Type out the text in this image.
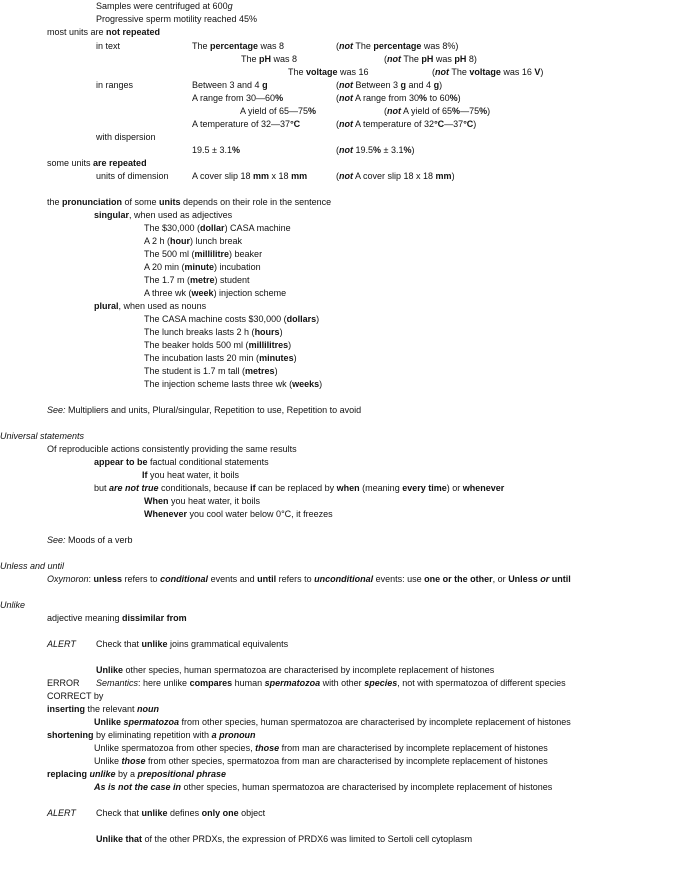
Samples were centrifuged at 600g
Progressive sperm motility reached 45%
most units are not repeated
in text	The percentage was 8	(not The percentage was 8%)
The pH was 8	(not The pH was pH 8)
The voltage was 16	(not The voltage was 16 V)
in ranges	Between 3 and 4 g	(not Between 3 g and 4 g)
A range from 30—60%	(not A range from 30% to 60%)
A yield of 65—75%	(not A yield of 65%—75%)
A temperature of 32—37°C	(not A temperature of 32°C—37°C)
with dispersion
19.5 ± 3.1%	(not 19.5% ± 3.1%)
some units are repeated
units of dimension	A cover slip 18 mm x 18 mm	(not A cover slip 18 x 18 mm)
the pronunciation of some units depends on their role in the sentence
singular, when used as adjectives
The $30,000 (dollar) CASA machine
A 2 h (hour) lunch break
The 500 ml (millilitre) beaker
A 20 min (minute) incubation
The 1.7 m (metre) student
A three wk (week) injection scheme
plural, when used as nouns
The CASA machine costs $30,000 (dollars)
The lunch breaks lasts 2 h (hours)
The beaker holds 500 ml (millilitres)
The incubation lasts 20 min (minutes)
The student is 1.7 m tall (metres)
The injection scheme lasts three wk (weeks)
See: Multipliers and units, Plural/singular, Repetition to use, Repetition to avoid
Universal statements
Of reproducible actions consistently providing the same results
appear to be factual conditional statements
If you heat water, it boils
but are not true conditionals, because if can be replaced by when (meaning every time) or whenever
When you heat water, it boils
Whenever you cool water below 0°C, it freezes
See: Moods of a verb
Unless and until
Oxymoron: unless refers to conditional events and until refers to unconditional events: use one or the other, or Unless or until
Unlike
adjective meaning dissimilar from
ALERT Check that unlike joins grammatical equivalents
Unlike other species, human spermatozoa are characterised by incomplete replacement of histones
ERROR Semantics: here unlike compares human spermatozoa with other species, not with spermatozoa of different species
CORRECT by
inserting the relevant noun
Unlike spermatozoa from other species, human spermatozoa are characterised by incomplete replacement of histones
shortening by eliminating repetition with a pronoun
Unlike spermatozoa from other species, those from man are characterised by incomplete replacement of histones
Unlike those from other species, spermatozoa from man are characterised by incomplete replacement of histones
replacing unlike by a prepositional phrase
As is not the case in other species, human spermatozoa are characterised by incomplete replacement of histones
ALERT Check that unlike defines only one object
Unlike that of the other PRDXs, the expression of PRDX6 was limited to Sertoli cell cytoplasm
